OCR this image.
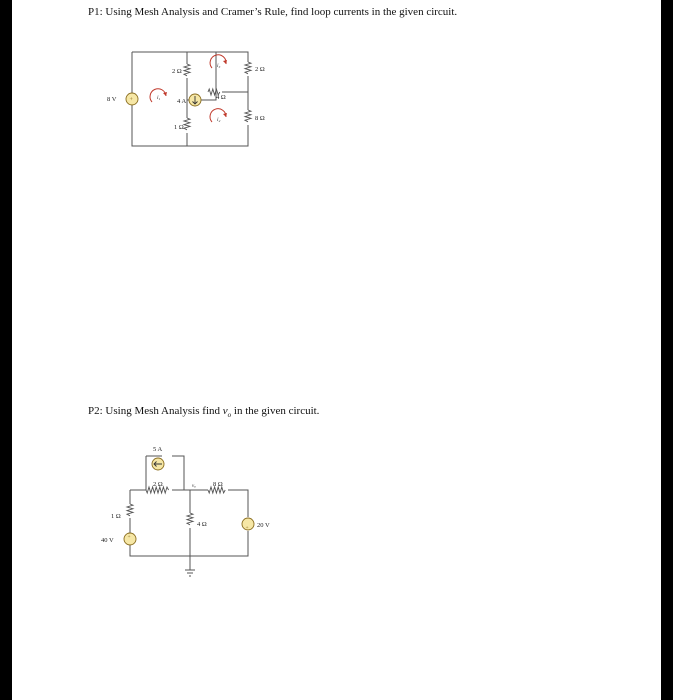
P1: Using Mesh Analysis and Cramer’s Rule, find loop currents in the given circuit.
+
8 V
2 Ω	2 Ω
4 Ω
8 Ω
1 Ω
4 A
i₁
i₃
i₂
P2: Using Mesh Analysis find $v_o$ in the given circuit.
+
+
5 A
2 Ω	8 Ω
vₒ
1 Ω
4 Ω
40 V
20 V
